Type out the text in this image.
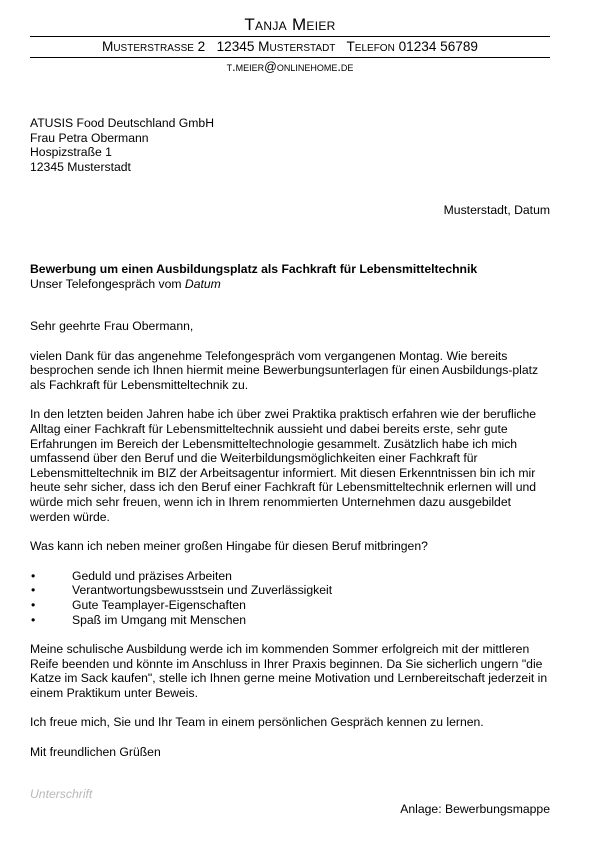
Tanja Meier
Musterstrasse 2   12345 Musterstadt   Telefon 01234 56789
t.meier@onlinehome.de
ATUSIS Food Deutschland GmbH
Frau Petra Obermann
Hospizstraße 1
12345 Musterstadt
Musterstadt, Datum
Bewerbung um einen Ausbildungsplatz als Fachkraft für Lebensmitteltechnik
Unser Telefongespräch vom Datum

Sehr geehrte Frau Obermann,

vielen Dank für das angenehme Telefongespräch vom vergangenen Montag. Wie bereits besprochen sende ich Ihnen hiermit meine Bewerbungsunterlagen für einen Ausbildungs-platz als Fachkraft für Lebensmitteltechnik zu.

In den letzten beiden Jahren habe ich über zwei Praktika praktisch erfahren wie der berufliche Alltag einer Fachkraft für Lebensmitteltechnik aussieht und dabei bereits erste, sehr gute Erfahrungen im Bereich der Lebensmitteltechnologie gesammelt. Zusätzlich habe ich mich umfassend über den Beruf und die Weiterbildungsmöglichkeiten einer Fachkraft für Lebensmitteltechnik im BIZ der Arbeitsagentur informiert. Mit diesen Erkenntnissen bin ich mir heute sehr sicher, dass ich den Beruf einer Fachkraft für Lebensmitteltechnik erlernen will und würde mich sehr freuen, wenn ich in Ihrem renommierten Unternehmen dazu ausgebildet werden würde.

Was kann ich neben meiner großen Hingabe für diesen Beruf mitbringen?

•	Geduld und präzises Arbeiten
•	Verantwortungsbewusstsein und Zuverlässigkeit
•	Gute Teamplayer-Eigenschaften
•	Spaß im Umgang mit Menschen

Meine schulische Ausbildung werde ich im kommenden Sommer erfolgreich mit der mittleren Reife beenden und könnte im Anschluss in Ihrer Praxis beginnen. Da Sie sicherlich ungern "die Katze im Sack kaufen", stelle ich Ihnen gerne meine Motivation und Lernbereitschaft jederzeit in einem Praktikum unter Beweis.

Ich freue mich, Sie und Ihr Team in einem persönlichen Gespräch kennen zu lernen.

Mit freundlichen Grüßen

Unterschrift
Anlage: Bewerbungsmappe
